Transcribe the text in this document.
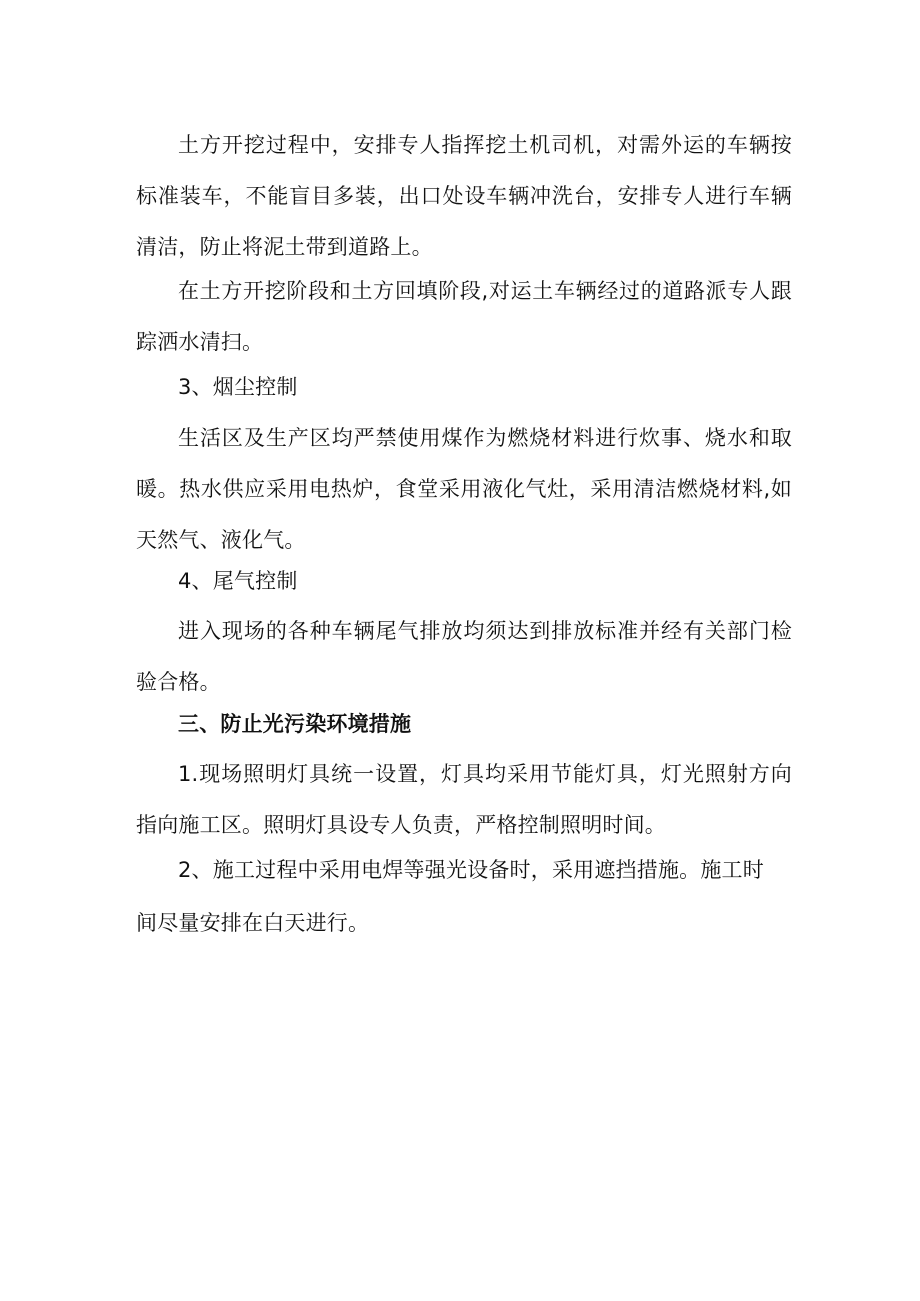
土方开挖过程中，安排专人指挥挖土机司机，对需外运的车辆按标准装车，不能盲目多装，出口处设车辆冲洗台，安排专人进行车辆清洁，防止将泥土带到道路上。

在土方开挖阶段和土方回填阶段,对运土车辆经过的道路派专人跟踪洒水清扫。

3、烟尘控制

生活区及生产区均严禁使用煤作为燃烧材料进行炊事、烧水和取暖。热水供应采用电热炉，食堂采用液化气灶，采用清洁燃烧材料,如天然气、液化气。

4、尾气控制

进入现场的各种车辆尾气排放均须达到排放标准并经有关部门检验合格。

三、防止光污染环境措施

1.现场照明灯具统一设置，灯具均采用节能灯具，灯光照射方向指向施工区。照明灯具设专人负责，严格控制照明时间。

2、施工过程中采用电焊等强光设备时，采用遮挡措施。施工时

间尽量安排在白天进行。
